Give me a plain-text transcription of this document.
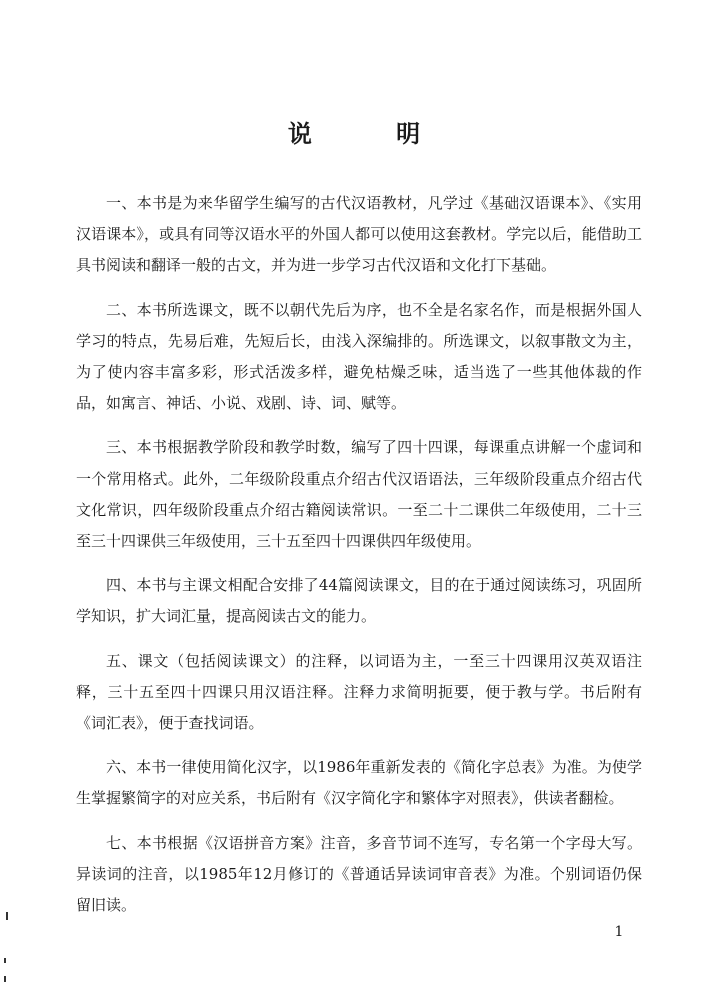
说 明

一、本书是为来华留学生编写的古代汉语教材，凡学过《基础汉语课本》、《实用汉语课本》，或具有同等汉语水平的外国人都可以使用这套教材。学完以后，能借助工具书阅读和翻译一般的古文，并为进一步学习古代汉语和文化打下基础。

二、本书所选课文，既不以朝代先后为序，也不全是名家名作，而是根据外国人学习的特点，先易后难，先短后长，由浅入深编排的。所选课文，以叙事散文为主，为了使内容丰富多彩，形式活泼多样，避免枯燥乏味，适当选了一些其他体裁的作品，如寓言、神话、小说、戏剧、诗、词、赋等。

三、本书根据教学阶段和教学时数，编写了四十四课，每课重点讲解一个虚词和一个常用格式。此外，二年级阶段重点介绍古代汉语语法，三年级阶段重点介绍古代文化常识，四年级阶段重点介绍古籍阅读常识。一至二十二课供二年级使用，二十三至三十四课供三年级使用，三十五至四十四课供四年级使用。

四、本书与主课文相配合安排了44篇阅读课文，目的在于通过阅读练习，巩固所学知识，扩大词汇量，提高阅读古文的能力。

五、课文（包括阅读课文）的注释，以词语为主，一至三十四课用汉英双语注释，三十五至四十四课只用汉语注释。注释力求简明扼要，便于教与学。书后附有《词汇表》，便于查找词语。

六、本书一律使用简化汉字，以1986年重新发表的《简化字总表》为准。为使学生掌握繁简字的对应关系，书后附有《汉字简化字和繁体字对照表》，供读者翻检。

七、本书根据《汉语拼音方案》注音，多音节词不连写，专名第一个字母大写。异读词的注音，以1985年12月修订的《普通话异读词审音表》为准。个别词语仍保留旧读。

1
